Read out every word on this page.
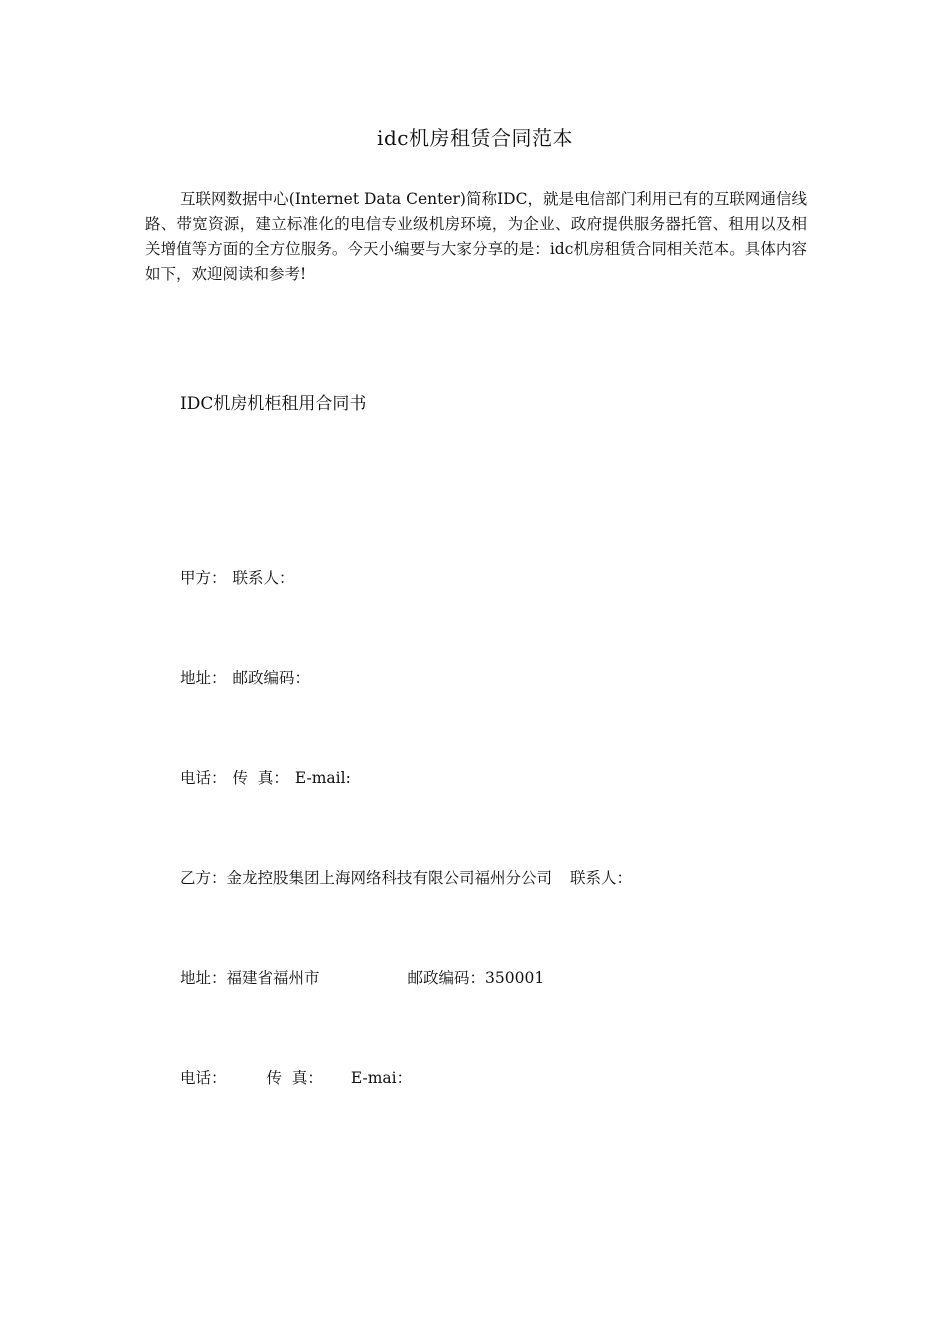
idc机房租赁合同范本

互联网数据中心(Internet Data Center)简称IDC，就是电信部门利用已有的互联网通信线路、带宽资源，建立标准化的电信专业级机房环境，为企业、政府提供服务器托管、租用以及相关增值等方面的全方位服务。今天小编要与大家分享的是：idc机房租赁合同相关范本。具体内容如下，欢迎阅读和参考!

IDC机房机柜租用合同书
甲方： 联系人：
地址： 邮政编码：
电话： 传  真： E-mail:
乙方：金龙控股集团上海网络科技有限公司福州分公司 联系人：
地址：福建省福州市	邮政编码：350001
电话：	传  真： E-mai：
